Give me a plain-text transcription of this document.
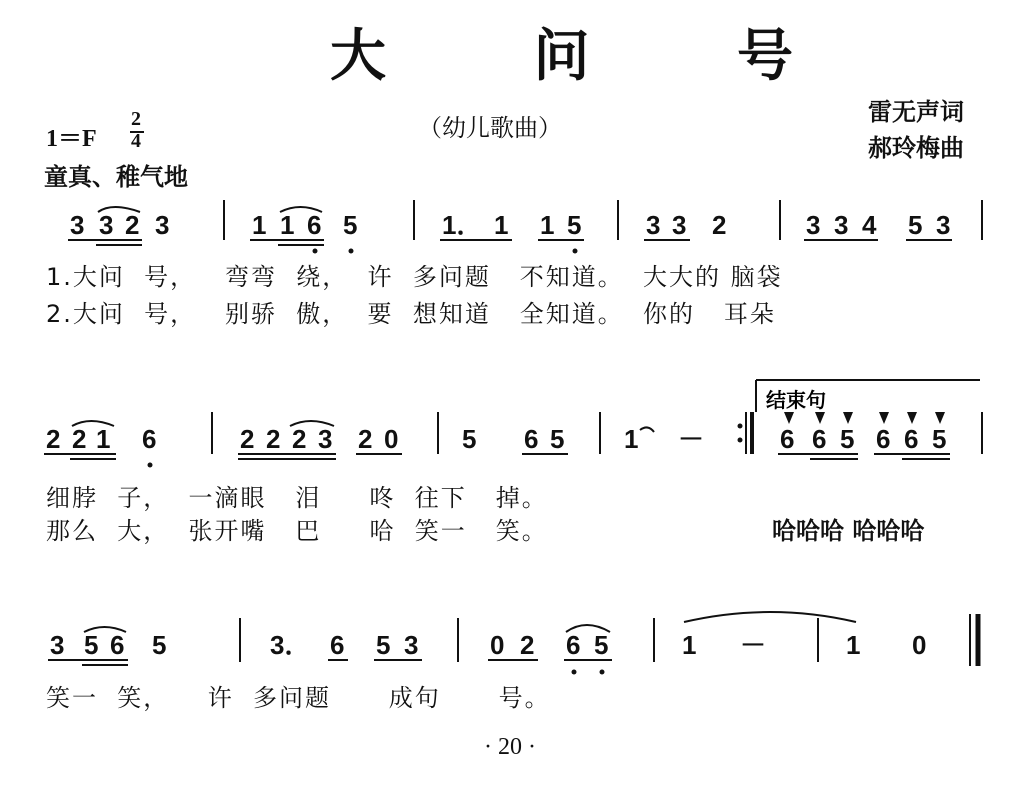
大 问 号
（幼儿歌曲）
雷无声词
郝玲梅曲
1＝F
2
4
童真、稚气地
3 3 2 3	1 1 6 5	1． 1 1 5 3 3 2	3 3 4 5 3
1.大问  号，   弯弯  绕，  许  多问题   不知道。  大大的 脑袋
2.大问  号，   别骄  傲，  要  想知道   全知道。  你的   耳朵
结束句
2 2 1 6	2 2 2 3 2 0 5 6 5 1 －	6 6 5 6 6 5
细脖  子，  一滴眼   泪     咚  往下   掉。
那么  大，  张开嘴   巴     哈  笑一   笑。	哈哈哈 哈哈哈
3 5 6 5	3． 6 5 3	0 2 6 5	1 －	1 0
笑一  笑，    许  多问题      成句      号。
· 20 ·
